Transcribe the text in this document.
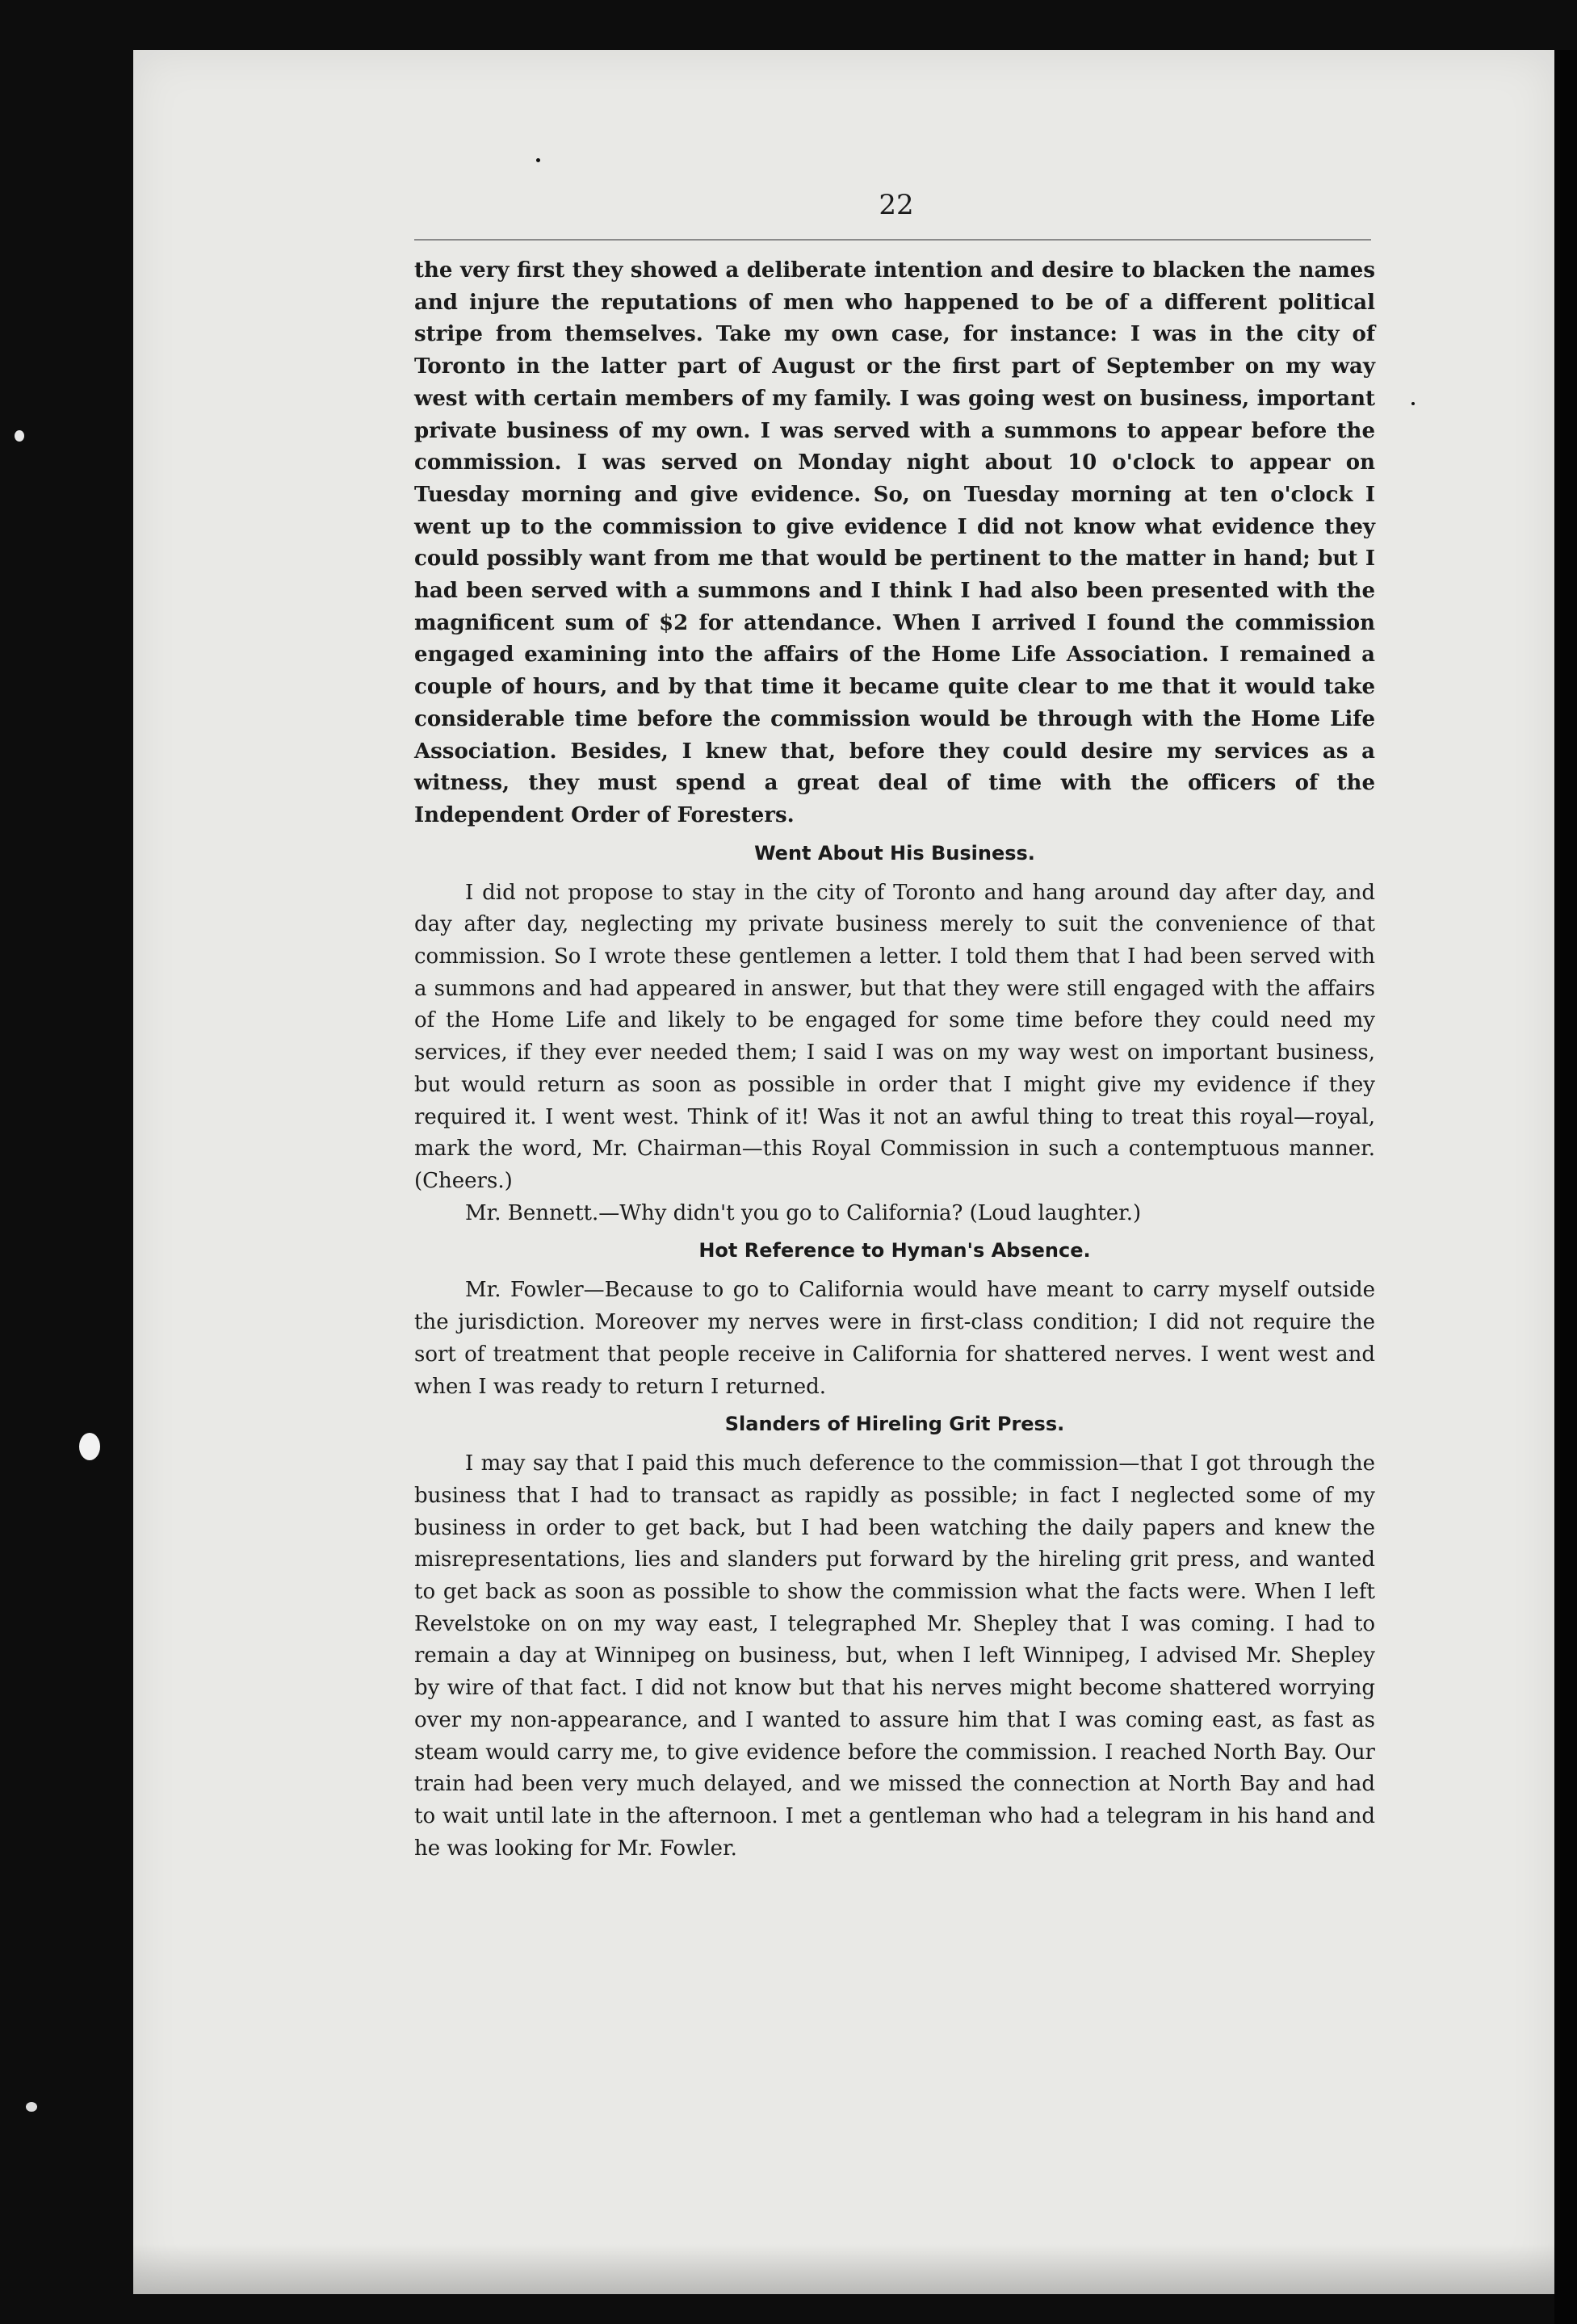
22

the very first they showed a deliberate intention and desire to blacken the names and injure the reputations of men who happened to be of a different political stripe from themselves. Take my own case, for instance: I was in the city of Toronto in the latter part of August or the first part of September on my way west with certain members of my family. I was going west on business, important private business of my own. I was served with a summons to appear before the commission. I was served on Monday night about 10 o'clock to appear on Tuesday morning and give evidence. So, on Tuesday morning at ten o'clock I went up to the commission to give evidence I did not know what evidence they could possibly want from me that would be pertinent to the matter in hand; but I had been served with a summons and I think I had also been presented with the magnificent sum of $2 for attendance. When I arrived I found the commission engaged examining into the affairs of the Home Life Association. I remained a couple of hours, and by that time it became quite clear to me that it would take considerable time before the commission would be through with the Home Life Association. Besides, I knew that, before they could desire my services as a witness, they must spend a great deal of time with the officers of the Independent Order of Foresters.

Went About His Business.

I did not propose to stay in the city of Toronto and hang around day after day, and day after day, neglecting my private business merely to suit the convenience of that commission. So I wrote these gentlemen a letter. I told them that I had been served with a summons and had appeared in answer, but that they were still engaged with the affairs of the Home Life and likely to be engaged for some time before they could need my services, if they ever needed them; I said I was on my way west on important business, but would return as soon as possible in order that I might give my evidence if they required it. I went west. Think of it! Was it not an awful thing to treat this royal—royal, mark the word, Mr. Chairman—this Royal Commission in such a contemptuous manner. (Cheers.)

Mr. Bennett.—Why didn't you go to California? (Loud laughter.)

Hot Reference to Hyman's Absence.

Mr. Fowler—Because to go to California would have meant to carry myself outside the jurisdiction. Moreover my nerves were in first-class condition; I did not require the sort of treatment that people receive in California for shattered nerves. I went west and when I was ready to return I returned.

Slanders of Hireling Grit Press.

I may say that I paid this much deference to the commission—that I got through the business that I had to transact as rapidly as possible; in fact I neglected some of my business in order to get back, but I had been watching the daily papers and knew the misrepresentations, lies and slanders put forward by the hireling grit press, and wanted to get back as soon as possible to show the commission what the facts were. When I left Revelstoke on on my way east, I telegraphed Mr. Shepley that I was coming. I had to remain a day at Winnipeg on business, but, when I left Winnipeg, I advised Mr. Shepley by wire of that fact. I did not know but that his nerves might become shattered worrying over my non-appearance, and I wanted to assure him that I was coming east, as fast as steam would carry me, to give evidence before the commission. I reached North Bay. Our train had been very much delayed, and we missed the connection at North Bay and had to wait until late in the afternoon. I met a gentleman who had a telegram in his hand and he was looking for Mr. Fowler.
